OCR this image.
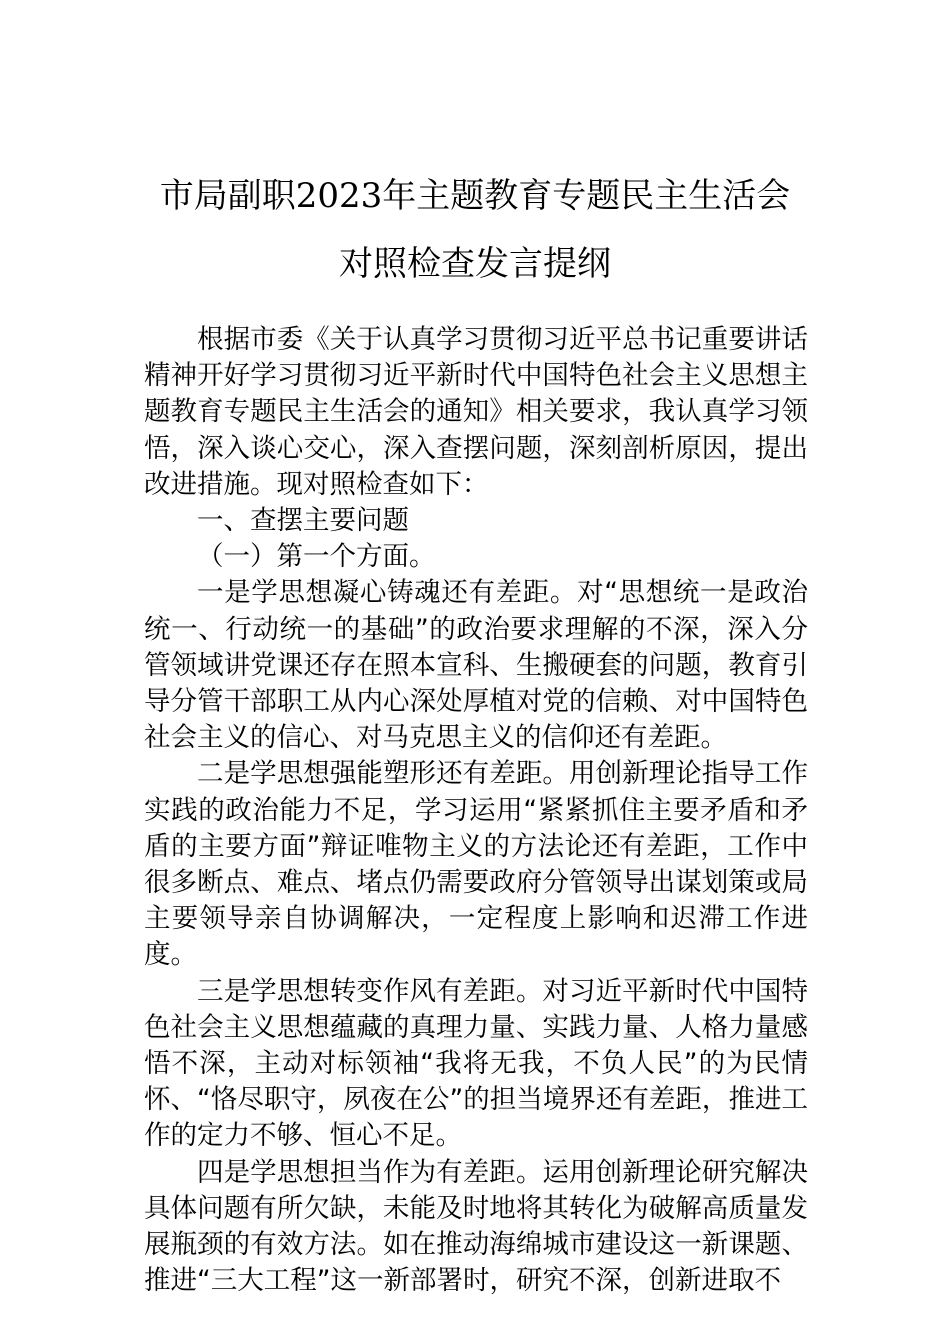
市局副职2023年主题教育专题民主生活会
对照检查发言提纲

根据市委《关于认真学习贯彻习近平总书记重要讲话精神开好学习贯彻习近平新时代中国特色社会主义思想主题教育专题民主生活会的通知》相关要求，我认真学习领悟，深入谈心交心，深入查摆问题，深刻剖析原因，提出改进措施。现对照检查如下：

一、查摆主要问题

（一）第一个方面。

一是学思想凝心铸魂还有差距。对“思想统一是政治统一、行动统一的基础”的政治要求理解的不深，深入分管领域讲党课还存在照本宣科、生搬硬套的问题，教育引导分管干部职工从内心深处厚植对党的信赖、对中国特色社会主义的信心、对马克思主义的信仰还有差距。

二是学思想强能塑形还有差距。用创新理论指导工作实践的政治能力不足，学习运用“紧紧抓住主要矛盾和矛盾的主要方面”辩证唯物主义的方法论还有差距，工作中很多断点、难点、堵点仍需要政府分管领导出谋划策或局主要领导亲自协调解决，一定程度上影响和迟滞工作进度。

三是学思想转变作风有差距。对习近平新时代中国特色社会主义思想蕴藏的真理力量、实践力量、人格力量感悟不深，主动对标领袖“我将无我，不负人民”的为民情怀、“恪尽职守，夙夜在公”的担当境界还有差距，推进工作的定力不够、恒心不足。

四是学思想担当作为有差距。运用创新理论研究解决具体问题有所欠缺，未能及时地将其转化为破解高质量发展瓶颈的有效方法。如在推动海绵城市建设这一新课题、推进“三大工程”这一新部署时，研究不深，创新进取不
